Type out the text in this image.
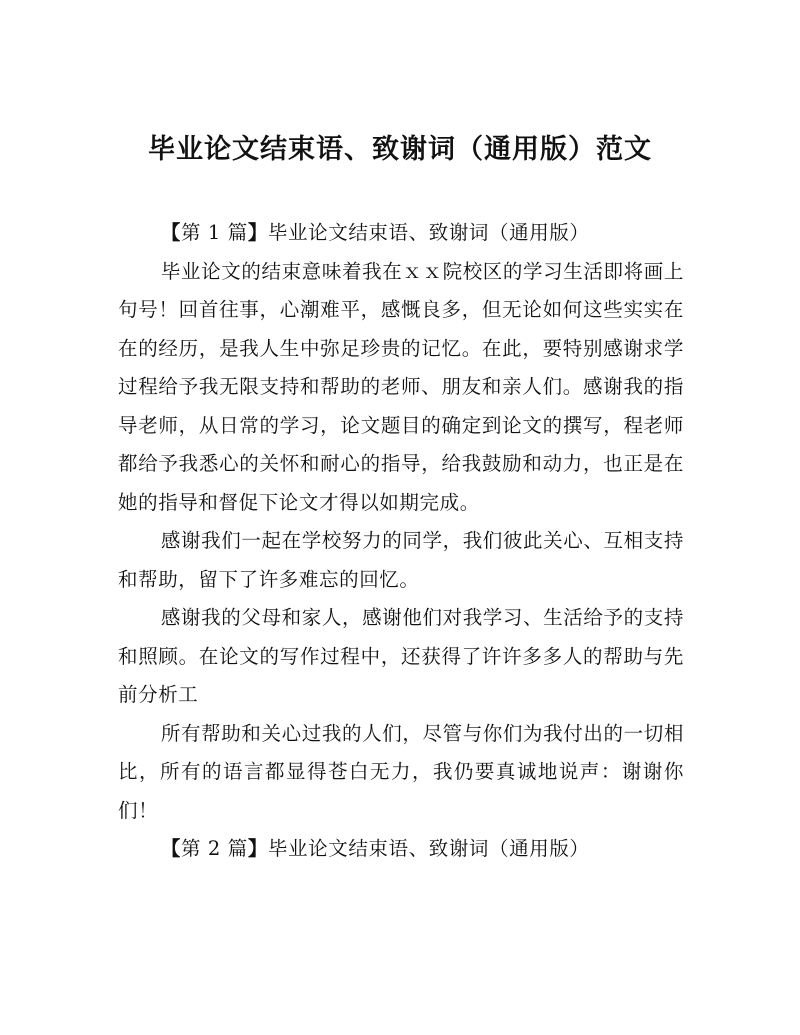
毕业论文结束语、致谢词（通用版）范文

【第 1 篇】毕业论文结束语、致谢词（通用版）

毕业论文的结束意味着我在ｘｘ院校区的学习生活即将画上句号！回首往事，心潮难平，感慨良多，但无论如何这些实实在在的经历，是我人生中弥足珍贵的记忆。在此，要特别感谢求学过程给予我无限支持和帮助的老师、朋友和亲人们。感谢我的指导老师，从日常的学习，论文题目的确定到论文的撰写，程老师都给予我悉心的关怀和耐心的指导，给我鼓励和动力，也正是在她的指导和督促下论文才得以如期完成。

感谢我们一起在学校努力的同学，我们彼此关心、互相支持和帮助，留下了许多难忘的回忆。

感谢我的父母和家人，感谢他们对我学习、生活给予的支持和照顾。在论文的写作过程中，还获得了许许多多人的帮助与先前分析工

所有帮助和关心过我的人们，尽管与你们为我付出的一切相比，所有的语言都显得苍白无力，我仍要真诚地说声：谢谢你们！

【第 2 篇】毕业论文结束语、致谢词（通用版）
